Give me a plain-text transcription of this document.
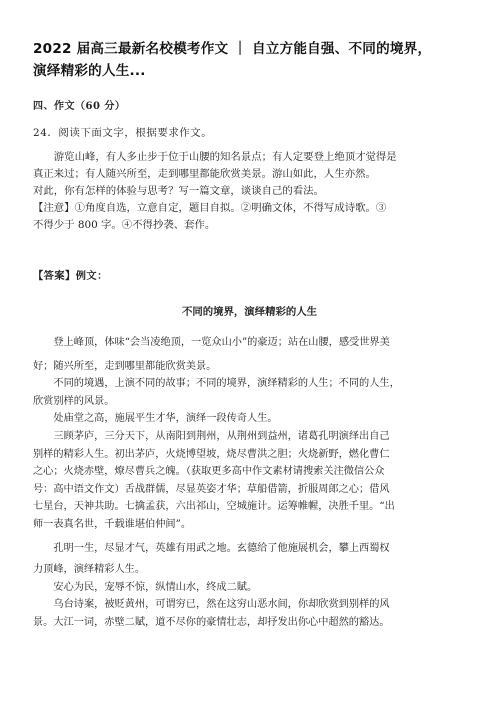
2022 届高三最新名校模考作文 ｜ 自立方能自强、不同的境界，
演绎精彩的人生...

四、作文（60 分）

24．阅读下面文字，根据要求作文。

游览山峰，有人多止步于位于山腰的知名景点；有人定要登上绝顶才觉得是

真正来过；有人随兴所至，走到哪里都能欣赏美景。游山如此，人生亦然。

对此，你有怎样的体验与思考？写一篇文章，谈谈自己的看法。

【注意】①角度自选，立意自定，题目自拟。②明确文体，不得写成诗歌。③

不得少于 800 字。④不得抄袭、套作。

【答案】例文：

不同的境界，演绎精彩的人生

登上峰顶，体味“会当凌绝顶，一览众山小”的豪迈；站在山腰，感受世界美

好；随兴所至，走到哪里都能欣赏美景。

不同的境遇，上演不同的故事；不同的境界，演绎精彩的人生；不同的人生，

欣赏别样的风景。

处庙堂之高，施展平生才华，演绎一段传奇人生。

三顾茅庐，三分天下，从南阳到荆州，从荆州到益州，诸葛孔明演绎出自己

别样的精彩人生。初出茅庐，火烧博望坡，烧尽曹洪之胆；火烧新野，燃化曹仁

之心；火烧赤壁，燎尽曹兵之魄。（获取更多高中作文素材请搜索关注微信公众

号：高中语文作文）舌战群儒，尽显英姿才华；草船借箭，折服周郎之心；借风

七星台，天神共助。七擒孟获，六出祁山，空城施计。运筹帷幄，决胜千里。“出

师一表真名世，千载谁堪伯仲间”。

孔明一生，尽显才气，英雄有用武之地。玄德给了他施展机会，攀上西蜀权

力顶峰，演绎精彩人生。

安心为民，宠辱不惊，纵情山水，终成二賦。

乌台诗案，被贬黄州，可谓穷已，然在这穷山恶水间，你却欣赏到别样的风

景。大江一词，赤壁二賦，道不尽你的豪情壮志，却抒发出你心中超然的豁达。
